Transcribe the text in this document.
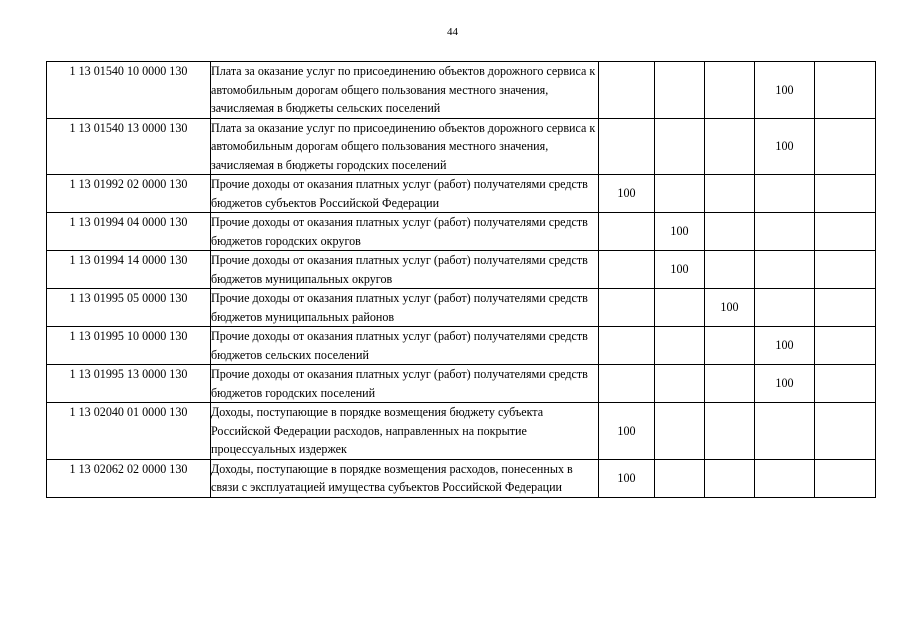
44
1 13 01540 10 0000 130	Плата за оказание услуг по присоединению объектов дорожного сервиса к автомобильным дорогам общего пользования местного значения, зачисляемая в бюджеты сельских поселений				100	
1 13 01540 13 0000 130	Плата за оказание услуг по присоединению объектов дорожного сервиса к автомобильным дорогам общего пользования местного значения, зачисляемая в бюджеты городских поселений				100	
1 13 01992 02 0000 130	Прочие доходы от оказания платных услуг (работ) получателями средств бюджетов субъектов Российской Федерации	100				
1 13 01994 04 0000 130	Прочие доходы от оказания платных услуг (работ) получателями средств бюджетов городских округов		100			
1 13 01994 14 0000 130	Прочие доходы от оказания платных услуг (работ) получателями средств бюджетов муниципальных округов		100			
1 13 01995 05 0000 130	Прочие доходы от оказания платных услуг (работ) получателями средств бюджетов муниципальных районов			100		
1 13 01995 10 0000 130	Прочие доходы от оказания платных услуг (работ) получателями средств бюджетов сельских поселений				100	
1 13 01995 13 0000 130	Прочие доходы от оказания платных услуг (работ) получателями средств бюджетов городских поселений				100	
1 13 02040 01 0000 130	Доходы, поступающие в порядке возмещения бюджету субъекта Российской Федерации расходов, направленных на покрытие процессуальных издержек	100				
1 13 02062 02 0000 130	Доходы, поступающие в порядке возмещения расходов, понесенных в связи с эксплуатацией имущества субъектов Российской Федерации	100				
